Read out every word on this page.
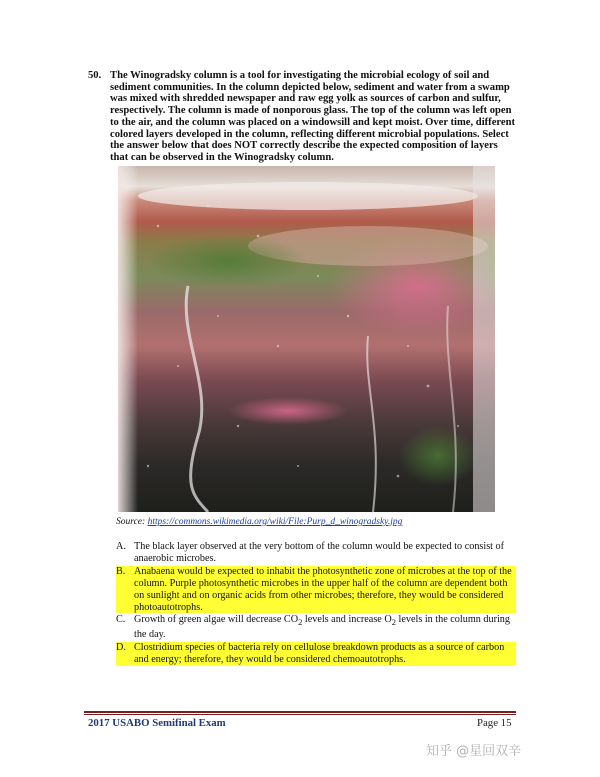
50. The Winogradsky column is a tool for investigating the microbial ecology of soil and sediment communities. In the column depicted below, sediment and water from a swamp was mixed with shredded newspaper and raw egg yolk as sources of carbon and sulfur, respectively. The column is made of nonporous glass. The top of the column was left open to the air, and the column was placed on a windowsill and kept moist. Over time, different colored layers developed in the column, reflecting different microbial populations. Select the answer below that does NOT correctly describe the expected composition of layers that can be observed in the Winogradsky column.
Source: https://commons.wikimedia.org/wiki/File:Purp_d_winogradsky.jpg
A. The black layer observed at the very bottom of the column would be expected to consist of anaerobic microbes.
B. Anabaena would be expected to inhabit the photosynthetic zone of microbes at the top of the column. Purple photosynthetic microbes in the upper half of the column are dependent both on sunlight and on organic acids from other microbes; therefore, they would be considered photoautotrophs.
C. Growth of green algae will decrease $CO_2$ levels and increase $O_2$ levels in the column during the day.
D. Clostridium species of bacteria rely on cellulose breakdown products as a source of carbon and energy; therefore, they would be considered chemoautotrophs.
2017 USABO Semifinal Exam	Page 15
知乎 @星回双辛
